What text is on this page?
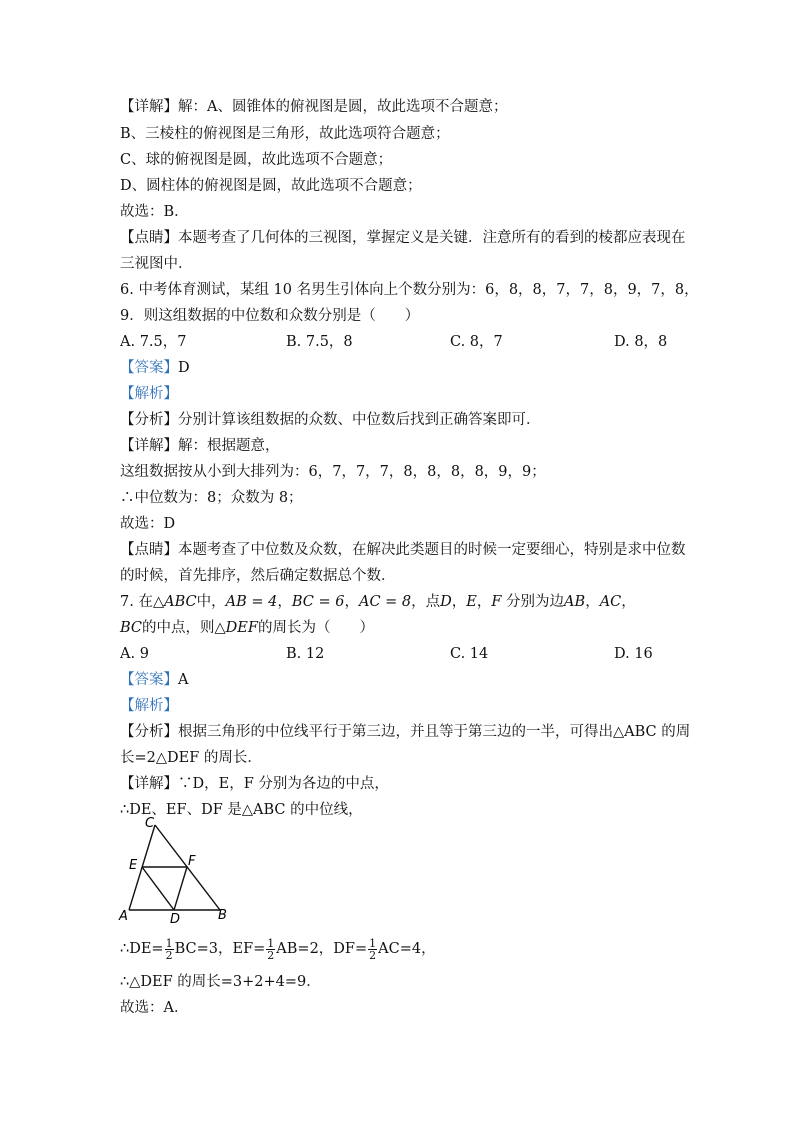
【详解】解：A、圆锥体的俯视图是圆，故此选项不合题意；
B、三棱柱的俯视图是三角形，故此选项符合题意；
C、球的俯视图是圆，故此选项不合题意；
D、圆柱体的俯视图是圆，故此选项不合题意；
故选：B．
【点睛】本题考查了几何体的三视图，掌握定义是关键．注意所有的看到的棱都应表现在
三视图中．
6. 中考体育测试，某组 10 名男生引体向上个数分别为：6，8，8，7，7，8，9，7，8，
9．则这组数据的中位数和众数分别是（　　）
A. 7.5，7	B. 7.5，8	C. 8，7	D. 8，8
【答案】D
【解析】
【分析】分别计算该组数据的众数、中位数后找到正确答案即可．
【详解】解：根据题意，
这组数据按从小到大排列为：6，7，7，7，8，8，8，8，9，9；
∴中位数为：8；众数为 8；
故选：D
【点睛】本题考查了中位数及众数，在解决此类题目的时候一定要细心，特别是求中位数
的时候，首先排序，然后确定数据总个数．
7. 在△ABC中，AB = 4，BC = 6，AC = 8，点D，E，F 分别为边AB，AC，
BC的中点，则△DEF的周长为（　　）
A. 9	B. 12	C. 14	D. 16
【答案】A
【解析】
【分析】根据三角形的中位线平行于第三边，并且等于第三边的一半，可得出△ABC 的周
长=2△DEF 的周长．
【详解】∵D，E，F 分别为各边的中点，
∴DE、EF、DF 是△ABC 的中位线，
C
E	F
A	D	B
∴DE= $\frac{1}{2} BC=3$，$EF= \frac{1}{2} AB=2$，$DF= \frac{1}{2} AC=4$，
∴△DEF 的周长=3+2+4=9．
故选：A．
